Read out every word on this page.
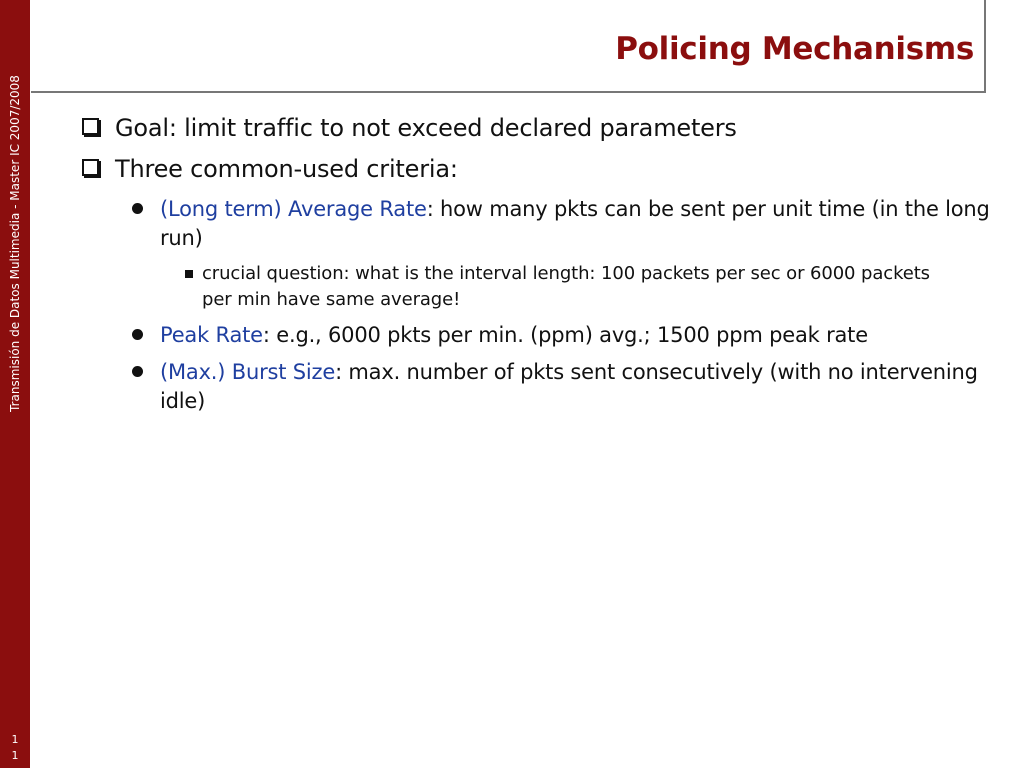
Transmisión de Datos Multimedia - Master IC 2007/2008
11
Policing Mechanisms
Goal: limit traffic to not exceed declared parameters
Three common-used criteria:
(Long term) Average Rate: how many pkts can be sent per unit time (in the long run)
crucial question: what is the interval length: 100 packets per sec or 6000 packets per min have same average!
Peak Rate: e.g., 6000 pkts per min. (ppm) avg.; 1500 ppm peak rate
(Max.) Burst Size: max. number of pkts sent consecutively (with no intervening idle)
